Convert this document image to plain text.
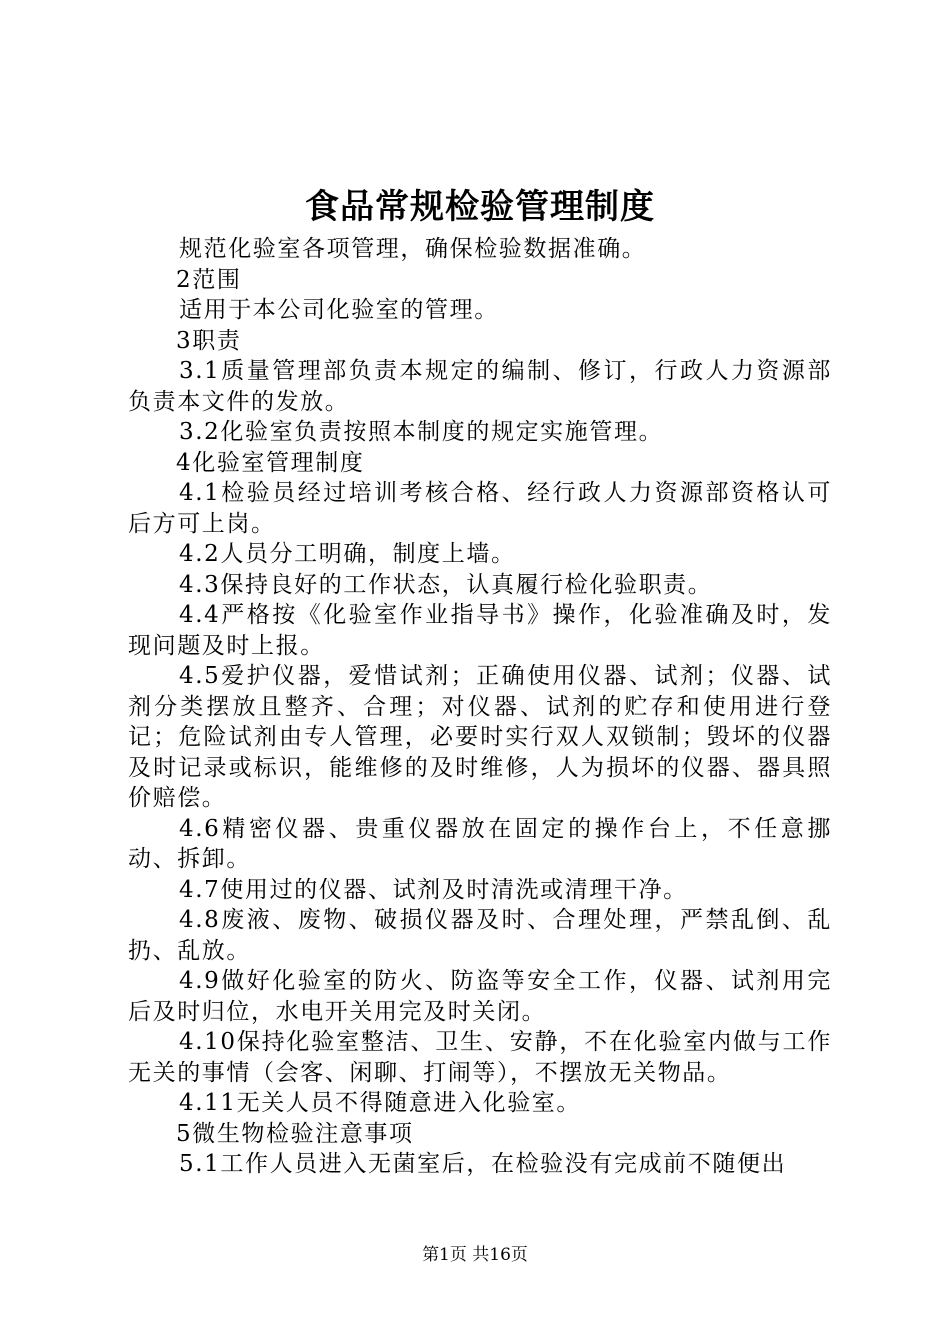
食品常规检验管理制度

规范化验室各项管理，确保检验数据准确。

2范围

适用于本公司化验室的管理。

3职责

3.1质量管理部负责本规定的编制、修订，行政人力资源部负责本文件的发放。

3.2化验室负责按照本制度的规定实施管理。

4化验室管理制度

4.1检验员经过培训考核合格、经行政人力资源部资格认可后方可上岗。

4.2人员分工明确，制度上墙。

4.3保持良好的工作状态，认真履行检化验职责。

4.4严格按《化验室作业指导书》操作，化验准确及时，发现问题及时上报。

4.5爱护仪器，爱惜试剂；正确使用仪器、试剂；仪器、试剂分类摆放且整齐、合理；对仪器、试剂的贮存和使用进行登记；危险试剂由专人管理，必要时实行双人双锁制；毁坏的仪器及时记录或标识，能维修的及时维修，人为损坏的仪器、器具照价赔偿。

4.6精密仪器、贵重仪器放在固定的操作台上，不任意挪动、拆卸。

4.7使用过的仪器、试剂及时清洗或清理干净。

4.8废液、废物、破损仪器及时、合理处理，严禁乱倒、乱扔、乱放。

4.9做好化验室的防火、防盗等安全工作，仪器、试剂用完后及时归位，水电开关用完及时关闭。

4.10保持化验室整洁、卫生、安静，不在化验室内做与工作无关的事情（会客、闲聊、打闹等），不摆放无关物品。

4.11无关人员不得随意进入化验室。

5微生物检验注意事项

5.1工作人员进入无菌室后，在检验没有完成前不随便出

第1页 共16页
